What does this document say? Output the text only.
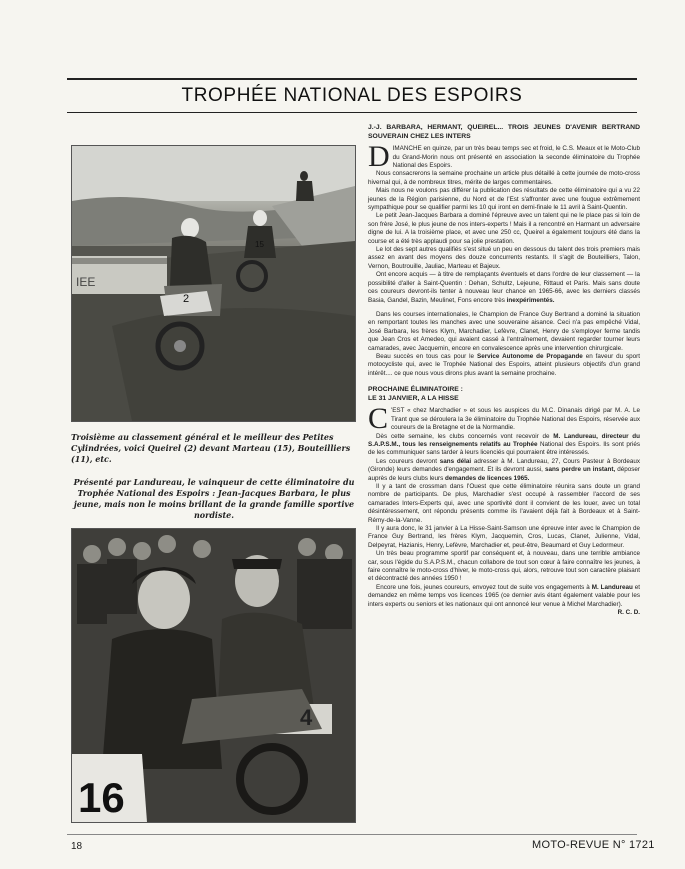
TROPHÉE NATIONAL DES ESPOIRS
IEE
2
15
Troisième au classement général et le meilleur des Petites Cylindrées, voici Queirel (2) devant Marteau (15), Bouteilliers (11), etc.
Présenté par Landureau, le vainqueur de cette éliminatoire du Trophée National des Espoirs : Jean-Jacques Barbara, le plus jeune, mais non le moins brillant de la grande famille sportive nordiste.
16
4
J.-J. BARBARA, HERMANT, QUEIREL... TROIS JEUNES D'AVENIR BERTRAND SOUVERAIN CHEZ LES INTERS

DIMANCHE en quinze, par un très beau temps sec et froid, le C.S. Meaux et le Moto-Club du Grand-Morin nous ont présenté en association la seconde éliminatoire du Trophée National des Espoirs.

Nous consacrerons la semaine prochaine un article plus détaillé à cette journée de moto-cross hivernal qui, à de nombreux titres, mérite de larges commentaires.

Mais nous ne voulons pas différer la publication des résultats de cette éliminatoire qui a vu 22 jeunes de la Région parisienne, du Nord et de l'Est s'affronter avec une fougue extrêmement sympathique pour se qualifier parmi les 10 qui iront en demi-finale le 11 avril à Saint-Quentin.

Le petit Jean-Jacques Barbara a dominé l'épreuve avec un talent qui ne le place pas si loin de son frère José, le plus jeune de nos inters-experts ! Mais il a rencontré en Harmant un adversaire digne de lui. A la troisième place, et avec une 250 cc, Queirel a également toujours été dans la course et a été très applaudi pour sa jolie prestation.

Le lot des sept autres qualifiés s'est situé un peu en dessous du talent des trois premiers mais assez en avant des moyens des douze concurrents restants. Il s'agit de Bouteilliers, Talon, Vernon, Boutrouille, Jauliac, Marteau et Bajeux.

Ont encore acquis — à titre de remplaçants éventuels et dans l'ordre de leur classement — la possibilité d'aller à Saint-Quentin : Dehan, Schultz, Lejeune, Rittaud et Paris. Mais sans doute ces coureurs devront-ils tenter à nouveau leur chance en 1965-66, avec les derniers classés Basia, Gandel, Bazin, Meulinet, Fons encore très inexpérimentés.

Dans les courses internationales, le Champion de France Guy Bertrand a dominé la situation en remportant toutes les manches avec une souveraine aisance. Ceci n'a pas empêché Vidal, José Barbara, les frères Klym, Marchadier, Lefèvre, Clanet, Henry de s'employer ferme tandis que Jean Cros et Amedeo, qui avaient cassé à l'entraînement, devaient regarder tourner leurs camarades, avec Jacquemin, encore en convalescence après une intervention chirurgicale.

Beau succès en tous cas pour le Service Autonome de Propagande en faveur du sport motocycliste qui, avec le Trophée National des Espoirs, atteint plusieurs objectifs d'un grand intérêt.... ce que nous vous dirons plus avant la semaine prochaine.

PROCHAINE ÉLIMINATOIRE :
LE 31 JANVIER, A LA HISSE

C 'EST « chez Marchadier » et sous les auspices du M.C. Dinanais dirigé par M. A. Le Tirant que se déroulera la 3e éliminatoire du Trophée National des Espoirs, réservée aux coureurs de la Bretagne et de la Normandie.

Dès cette semaine, les clubs concernés vont recevoir de M. Landureau, directeur du S.A.P.S.M., tous les renseignements relatifs au Trophée National des Espoirs. Ils sont priés de les communiquer sans tarder à leurs licenciés qui pourraient être intéressés.

Les coureurs devront sans délai adresser à M. Landureau, 27, Cours Pasteur à Bordeaux (Gironde) leurs demandes d'engagement. Et ils devront aussi, sans perdre un instant, déposer auprès de leurs clubs leurs demandes de licences 1965.

Il y a tant de crossman dans l'Ouest que cette éliminatoire réunira sans doute un grand nombre de participants. De plus, Marchadier s'est occupé à rassembler l'accord de ses camarades Inters-Experts qui, avec une sportivité dont il convient de les louer, avec un total désintéressement, ont répondu présents comme ils l'avaient déjà fait à Bordeaux et à Saint-Rémy-de-la-Vanne.

Il y aura donc, le 31 janvier à La Hisse-Saint-Samson une épreuve inter avec le Champion de France Guy Bertrand, les frères Klym, Jacquemin, Cros, Lucas, Clanet, Julienne, Vidal, Delpeyrat, Hazianis, Henry, Lefèvre, Marchadier et, peut-être, Beaumard et Guy Ledormeur.

Un très beau programme sportif par conséquent et, à nouveau, dans une terrible ambiance car, sous l'égide du S.A.P.S.M., chacun collabore de tout son cœur à faire connaître les jeunes, à faire connaître le moto-cross d'hiver, le moto-cross qui, alors, retrouve tout son caractère plaisant et décontracté des années 1950 !

Encore une fois, jeunes coureurs, envoyez tout de suite vos engagements à M. Landureau et demandez en même temps vos licences 1965 (ce dernier avis étant également valable pour les inters experts ou seniors et les nationaux qui ont annoncé leur venue à Michel Marchadier).

R. C. D.
18	MOTO-REVUE N° 1721
